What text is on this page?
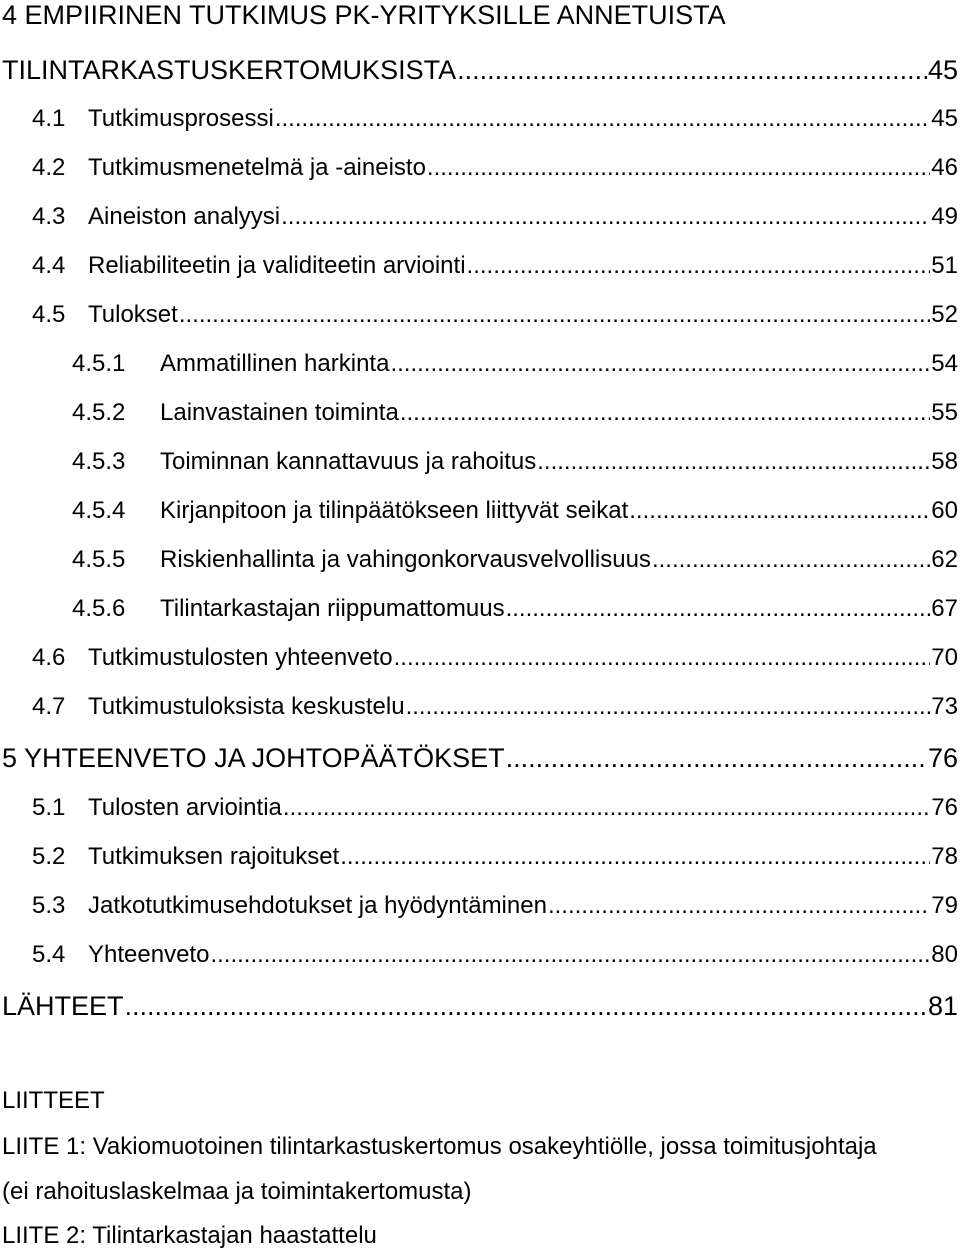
4 EMPIIRINEN TUTKIMUS PK-YRITYKSILLE ANNETUISTA
TILINTARKASTUSKERTOMUKSISTA .....	45
4.1 Tutkimusprosessi .....	45
4.2 Tutkimusmenetelmä ja -aineisto .....	46
4.3 Aineiston analyysi .....	49
4.4 Reliabiliteetin ja validiteetin arviointi .....	51
4.5 Tulokset .....	52
4.5.1	Ammatillinen harkinta .....	54
4.5.2	Lainvastainen toiminta .....	55
4.5.3	Toiminnan kannattavuus ja rahoitus .....	58
4.5.4	Kirjanpitoon ja tilinpäätökseen liittyvät seikat .....	60
4.5.5	Riskienhallinta ja vahingonkorvausvelvollisuus .....	62
4.5.6	Tilintarkastajan riippumattomuus .....	67
4.6 Tutkimustulosten yhteenveto .....	70
4.7 Tutkimustuloksista keskustelu .....	73
5 YHTEENVETO JA JOHTOPÄÄTÖKSET .....	76
5.1 Tulosten arviointia .....	76
5.2 Tutkimuksen rajoitukset .....	78
5.3 Jatkotutkimusehdotukset ja hyödyntäminen .....	79
5.4 Yhteenveto .....	80
LÄHTEET .....	81
LIITTEET
LIITE 1: Vakiomuotoinen tilintarkastuskertomus osakeyhtiölle, jossa toimitusjohtaja
(ei rahoituslaskelmaa ja toimintakertomusta)
LIITE 2: Tilintarkastajan haastattelu
